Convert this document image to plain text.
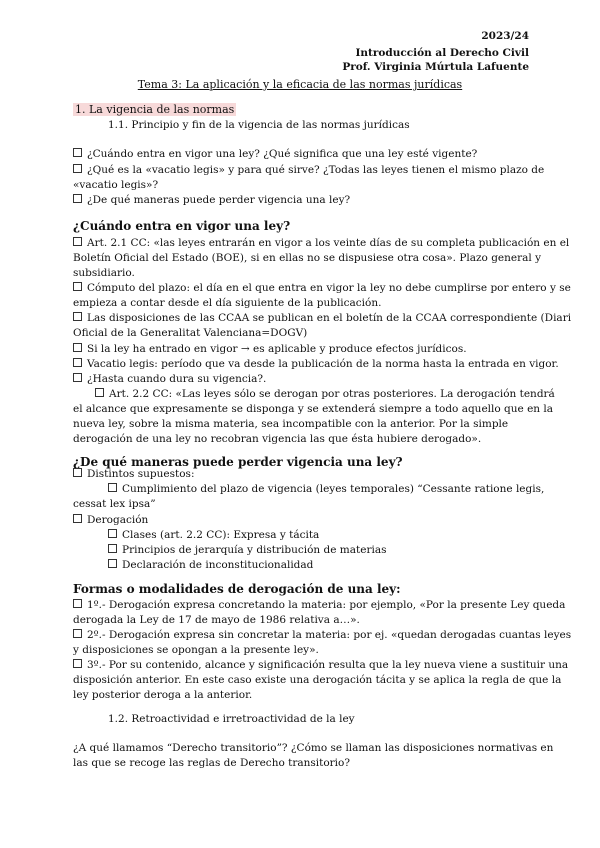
2023/24
Introducción al Derecho Civil
Prof. Virginia Múrtula Lafuente
Tema 3: La aplicación y la eficacia de las normas jurídicas
1. La vigencia de las normas
1.1. Principio y fin de la vigencia de las normas jurídicas
¿Cuándo entra en vigor una ley? ¿Qué significa que una ley esté vigente?
¿Qué es la «vacatio legis» y para qué sirve? ¿Todas las leyes tienen el mismo plazo de
«vacatio legis»?
¿De qué maneras puede perder vigencia una ley?
¿Cuándo entra en vigor una ley?
Art. 2.1 CC: «las leyes entrarán en vigor a los veinte días de su completa publicación en el
Boletín Oficial del Estado (BOE), si en ellas no se dispusiese otra cosa». Plazo general y
subsidiario.
Cómputo del plazo: el día en el que entra en vigor la ley no debe cumplirse por entero y se
empieza a contar desde el día siguiente de la publicación.
Las disposiciones de las CCAA se publican en el boletín de la CCAA correspondiente (Diari
Oficial de la Generalitat Valenciana=DOGV)
Si la ley ha entrado en vigor → es aplicable y produce efectos jurídicos.
Vacatio legis: período que va desde la publicación de la norma hasta la entrada en vigor.
¿Hasta cuando dura su vigencia?.
Art. 2.2 CC: «Las leyes sólo se derogan por otras posteriores. La derogación tendrá
el alcance que expresamente se disponga y se extenderá siempre a todo aquello que en la
nueva ley, sobre la misma materia, sea incompatible con la anterior. Por la simple
derogación de una ley no recobran vigencia las que ésta hubiere derogado».
¿De qué maneras puede perder vigencia una ley?
Distintos supuestos:
Cumplimiento del plazo de vigencia (leyes temporales) “Cessante ratione legis,
cessat lex ipsa”
Derogación
Clases (art. 2.2 CC): Expresa y tácita
Principios de jerarquía y distribución de materias
Declaración de inconstitucionalidad
Formas o modalidades de derogación de una ley:
1º.- Derogación expresa concretando la materia: por ejemplo, «Por la presente Ley queda
derogada la Ley de 17 de mayo de 1986 relativa a…».
2º.- Derogación expresa sin concretar la materia: por ej. «quedan derogadas cuantas leyes
y disposiciones se opongan a la presente ley».
3º.- Por su contenido, alcance y significación resulta que la ley nueva viene a sustituir una
disposición anterior. En este caso existe una derogación tácita y se aplica la regla de que la
ley posterior deroga a la anterior.
1.2. Retroactividad e irretroactividad de la ley
¿A qué llamamos “Derecho transitorio”? ¿Cómo se llaman las disposiciones normativas en
las que se recoge las reglas de Derecho transitorio?
